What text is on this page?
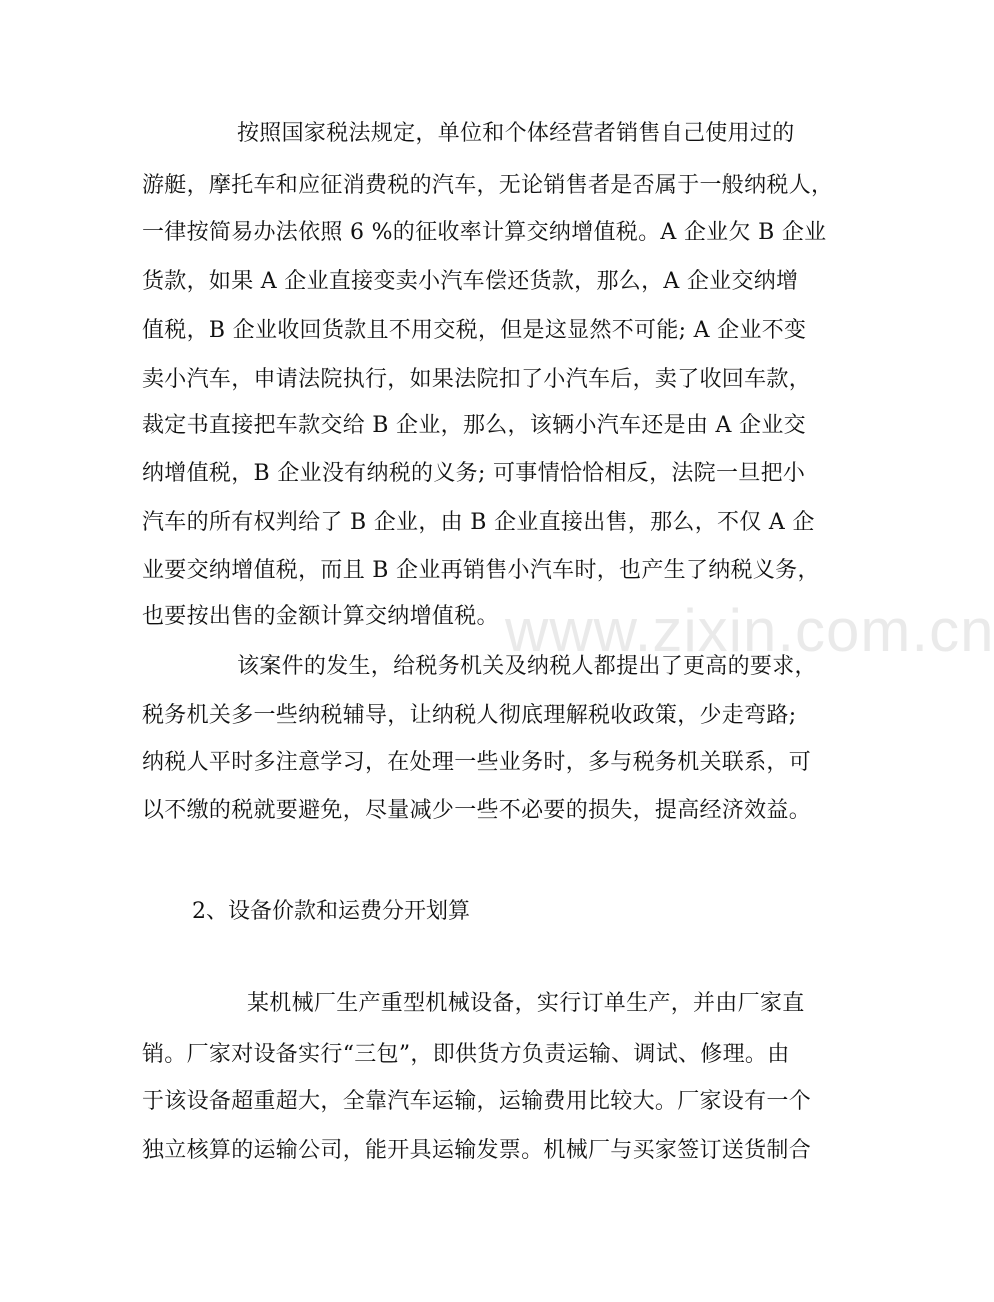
按照国家税法规定，单位和个体经营者销售自己使用过的
游艇，摩托车和应征消费税的汽车，无论销售者是否属于一般纳税人，
一律按简易办法依照 6 %的征收率计算交纳增值税。A 企业欠 B 企业
货款，如果 A 企业直接变卖小汽车偿还货款，那么，A 企业交纳增
值税，B 企业收回货款且不用交税，但是这显然不可能; A 企业不变
卖小汽车，申请法院执行，如果法院扣了小汽车后，卖了收回车款，
裁定书直接把车款交给 B 企业，那么，该辆小汽车还是由 A 企业交
纳增值税，B 企业没有纳税的义务; 可事情恰恰相反，法院一旦把小
汽车的所有权判给了 B 企业，由 B 企业直接出售，那么，不仅 A 企
业要交纳增值税，而且 B 企业再销售小汽车时，也产生了纳税义务，
也要按出售的金额计算交纳增值税。
该案件的发生，给税务机关及纳税人都提出了更高的要求，
税务机关多一些纳税辅导，让纳税人彻底理解税收政策，少走弯路;
纳税人平时多注意学习，在处理一些业务时，多与税务机关联系，可
以不缴的税就要避免，尽量减少一些不必要的损失，提高经济效益。
2、设备价款和运费分开划算
某机械厂生产重型机械设备，实行订单生产，并由厂家直
销。厂家对设备实行“三包”，即供货方负责运输、调试、修理。由
于该设备超重超大，全靠汽车运输，运输费用比较大。厂家设有一个
独立核算的运输公司，能开具运输发票。机械厂与买家签订送货制合
www.zixin.com.cn
